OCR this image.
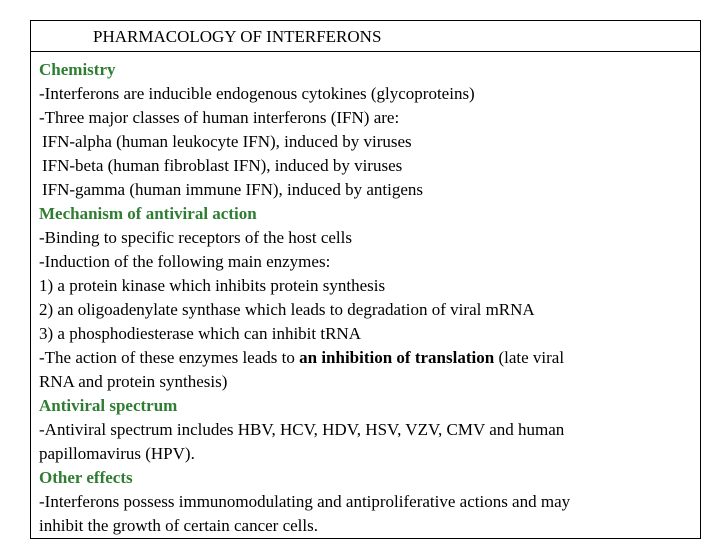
PHARMACOLOGY OF INTERFERONS
Chemistry
-Interferons are inducible endogenous cytokines (glycoproteins)
-Three major classes of human interferons (IFN) are:
IFN-alpha (human leukocyte IFN), induced by viruses
IFN-beta (human fibroblast IFN), induced by viruses
IFN-gamma (human immune IFN), induced by antigens
Mechanism of antiviral action
-Binding to specific receptors of the host cells
-Induction of the following main enzymes:
1) a protein kinase which inhibits protein synthesis
2) an oligoadenylate synthase which leads to degradation of viral mRNA
3) a phosphodiesterase which can inhibit tRNA
-The action of these enzymes leads to an inhibition of translation (late viral
RNA and protein synthesis)
Antiviral spectrum
-Antiviral spectrum includes HBV, HCV, HDV, HSV, VZV, CMV and human
papillomavirus (HPV).
Other effects
-Interferons possess immunomodulating and antiproliferative actions and may
inhibit the growth of certain cancer cells.
